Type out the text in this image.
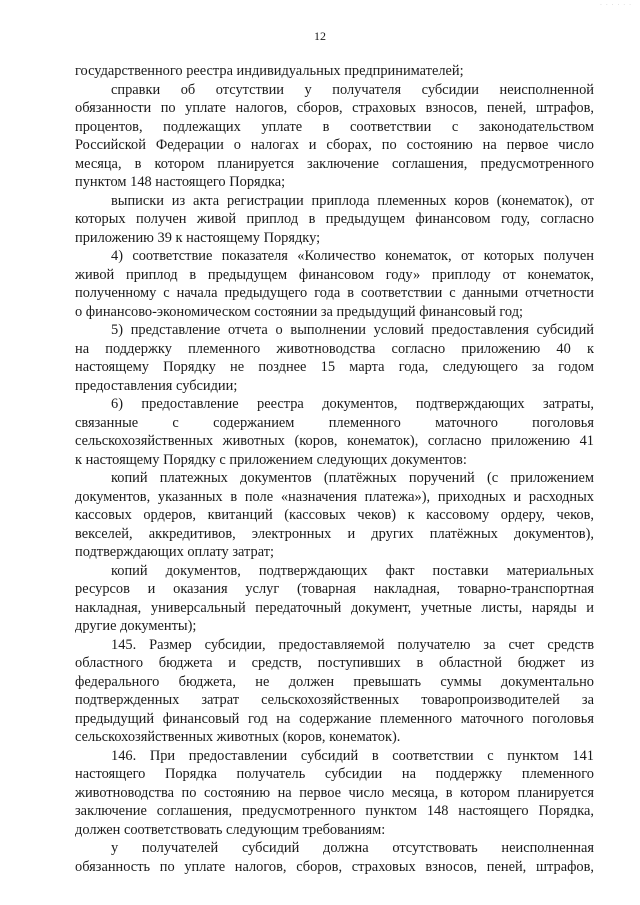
· · · · · ·
12
государственного реестра индивидуальных предпринимателей;
справки об отсутствии у получателя субсидии неисполненной
обязанности по уплате налогов, сборов, страховых взносов, пеней, штрафов,
процентов, подлежащих уплате в соответствии с законодательством
Российской Федерации о налогах и сборах, по состоянию на первое число
месяца, в котором планируется заключение соглашения, предусмотренного
пунктом 148 настоящего Порядка;
выписки из акта регистрации приплода племенных коров (конематок), от
которых получен живой приплод в предыдущем финансовом году, согласно
приложению 39 к настоящему Порядку;
4) соответствие показателя «Количество конематок, от которых получен
живой приплод в предыдущем финансовом году» приплоду от конематок,
полученному с начала предыдущего года в соответствии с данными отчетности
о финансово-экономическом состоянии за предыдущий финансовый год;
5) представление отчета о выполнении условий предоставления субсидий
на поддержку племенного животноводства согласно приложению 40 к
настоящему Порядку не позднее 15 марта года, следующего за годом
предоставления субсидии;
6) предоставление реестра документов, подтверждающих затраты,
связанные с содержанием племенного маточного поголовья
сельскохозяйственных животных (коров, конематок), согласно приложению 41
к настоящему Порядку с приложением следующих документов:
копий платежных документов (платёжных поручений (с приложением
документов, указанных в поле «назначения платежа»), приходных и расходных
кассовых ордеров, квитанций (кассовых чеков) к кассовому ордеру, чеков,
векселей, аккредитивов, электронных и других платёжных документов),
подтверждающих оплату затрат;
копий документов, подтверждающих факт поставки материальных
ресурсов и оказания услуг (товарная накладная, товарно-транспортная
накладная, универсальный передаточный документ, учетные листы, наряды и
другие документы);
145. Размер субсидии, предоставляемой получателю за счет средств
областного бюджета и средств, поступивших в областной бюджет из
федерального бюджета, не должен превышать суммы документально
подтвержденных затрат сельскохозяйственных товаропроизводителей за
предыдущий финансовый год на содержание племенного маточного поголовья
сельскохозяйственных животных (коров, конематок).
146. При предоставлении субсидий в соответствии с пунктом 141
настоящего Порядка получатель субсидии на поддержку племенного
животноводства по состоянию на первое число месяца, в котором планируется
заключение соглашения, предусмотренного пунктом 148 настоящего Порядка,
должен соответствовать следующим требованиям:
у получателей субсидий должна отсутствовать неисполненная
обязанность по уплате налогов, сборов, страховых взносов, пеней, штрафов,
